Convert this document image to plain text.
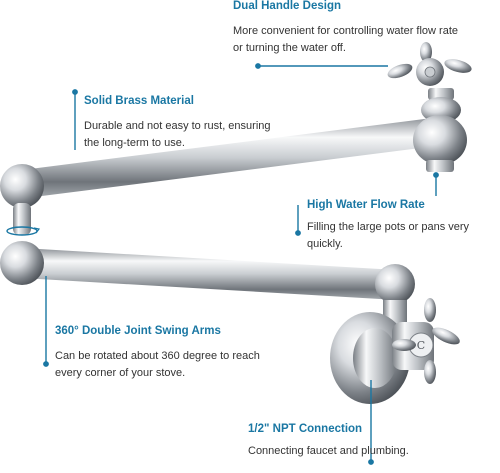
C
Dual Handle Design
More convenient for controlling water flow rate or turning the water off.
Solid Brass Material
Durable and not easy to rust, ensuring the long-term to use.
High Water Flow Rate
Filling the large pots or pans very quickly.
360° Double Joint Swing Arms
Can be rotated about 360 degree to reach every corner of your stove.
1/2" NPT Connection
Connecting faucet and plumbing.
